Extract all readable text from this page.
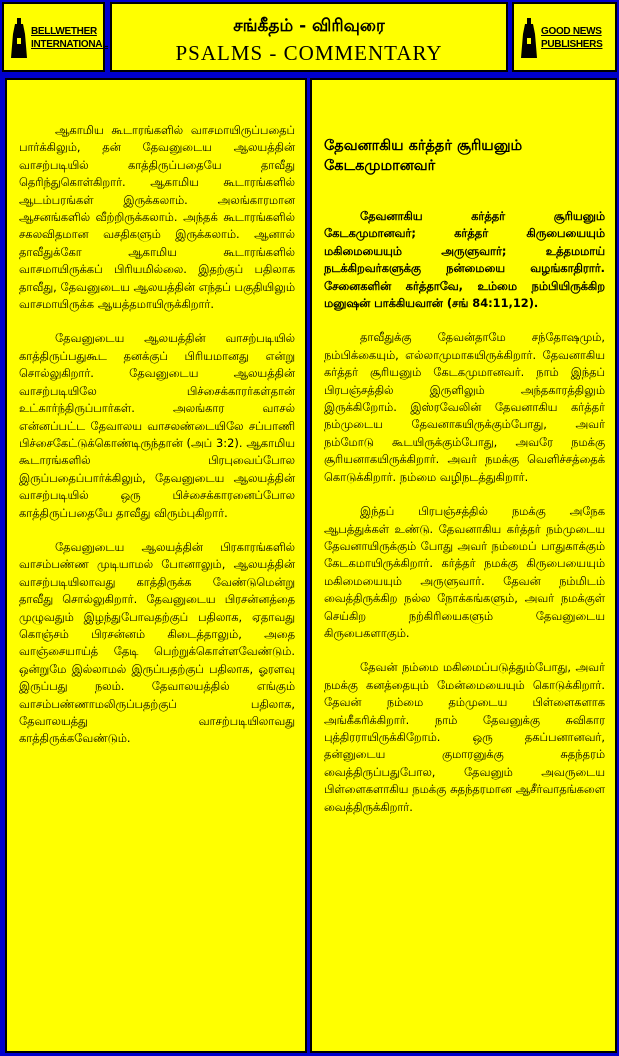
BELLWETHER
INTERNATIONAL
சங்கீதம் - விரிவுரை
PSALMS - COMMENTARY
GOOD NEWS
PUBLISHERS

ஆகாமிய கூடாரங்களில் வாசமாயிருப்பதைப் பார்க்கிலும், தன் தேவனுடைய ஆலயத்தின் வாசற்படியில் காத்திருப்பதையே தாவீது தெரிந்துகொள்கிறார். ஆகாமிய கூடாரங்களில் ஆடம்பரங்கள் இருக்கலாம். அலங்காரமான ஆசனங்களில் வீற்றிருக்கலாம். அந்தக் கூடாரங்களில் சகலவிதமான வசதிகளும் இருக்கலாம். ஆனால் தாவீதுக்கோ ஆகாமிய கூடாரங்களில் வாசமாயிருக்கப் பிரியமில்லை. இதற்குப் பதிலாக தாவீது, தேவனுடைய ஆலயத்தின் எந்தப் பகுதியிலும் வாசமாயிருக்க ஆயத்தமாயிருக்கிறார்.

தேவனுடைய ஆலயத்தின் வாசற்படியில் காத்திருப்பதுகூட தனக்குப் பிரியமானது என்று சொல்லுகிறார். தேவனுடைய ஆலயத்தின் வாசற்படியிலே பிச்சைக்காரர்கள்தான் உட்கார்ந்திருப்பார்கள். அலங்கார வாசல் என்னப்பட்ட தேவாலய வாசலண்டையிலே சப்பாணி பிச்சைகேட்டுக்கொண்டிருந்தான் (அப் 3:2). ஆகாமிய கூடாரங்களில் பிரபுவைப்போல இருப்பதைப்பார்க்கிலும், தேவனுடைய ஆலயத்தின் வாசற்படியில் ஒரு பிச்சைக்காரனைப்போல காத்திருப்பதையே தாவீது விரும்புகிறார்.

தேவனுடைய ஆலயத்தின் பிரகாரங்களில் வாசம்பண்ண முடியாமல் போனாலும், ஆலயத்தின் வாசற்படியிலாவது காத்திருக்க வேண்டுமென்று தாவீது சொல்லுகிறார். தேவனுடைய பிரசன்னத்தை முழுவதும் இழந்துபோவதற்குப் பதிலாக, ஏதாவது கொஞ்சம் பிரசன்னம் கிடைத்தாலும், அதை வாஞ்சையாய்த் தேடி பெற்றுக்கொள்ளவேண்டும். ஒன்றுமே இல்லாமல் இருப்பதற்குப் பதிலாக, ஓரளவு இருப்பது நலம். தேவாலயத்தில் எங்கும் வாசம்பண்ணாமலிருப்பதற்குப் பதிலாக, தேவாலயத்து வாசற்படியிலாவது காத்திருக்கவேண்டும்.

தேவனாகிய கர்த்தர் சூரியனும் கேடகமுமானவர்

தேவனாகிய கர்த்தர் சூரியனும் கேடகமுமானவர்; கர்த்தர் கிருபையையும் மகிமையையும் அருளுவார்; உத்தமமாய் நடக்கிறவர்களுக்கு நன்மையை வழங்காதிரார். சேனைகளின் கர்த்தாவே, உம்மை நம்பியிருக்கிற மனுஷன் பாக்கியவான் (சங் 84:11,12).

தாவீதுக்கு தேவன்தாமே சந்தோஷமும், நம்பிக்கையும், எல்லாமுமாகயிருக்கிறார். தேவனாகிய கர்த்தர் சூரியனும் கேடகமுமானவர். நாம் இந்தப் பிரபஞ்சத்தில் இருளிலும் அந்தகாரத்திலும் இருக்கிறோம். இஸ்ரவேலின் தேவனாகிய கர்த்தர் நம்முடைய தேவனாகயிருக்கும்போது, அவர் நம்மோடு கூடயிருக்கும்போது, அவரே நமக்கு சூரியனாகயிருக்கிறார். அவர் நமக்கு வெளிச்சத்தைக் கொடுக்கிறார். நம்மை வழிநடத்துகிறார்.

இந்தப் பிரபஞ்சத்தில் நமக்கு அநேக ஆபத்துக்கள் உண்டு. தேவனாகிய கர்த்தர் நம்முடைய தேவனாயிருக்கும் போது அவர் நம்மைப் பாதுகாக்கும் கேடகமாயிருக்கிறார். கர்த்தர் நமக்கு கிருபையையும் மகிமையையும் அருளுவார். தேவன் நம்மிடம் வைத்திருக்கிற நல்ல நோக்கங்களும், அவர் நமக்குள் செய்கிற நற்கிரியைகளும் தேவனுடைய கிருபைகளாகும்.

தேவன் நம்மை மகிமைப்படுத்தும்போது, அவர் நமக்கு கனத்தையும் மேன்மையையும் கொடுக்கிறார். தேவன் நம்மை தம்முடைய பிள்ளைகளாக அங்கீகரிக்கிறார். நாம் தேவனுக்கு சுவிகார புத்திரராயிருக்கிறோம். ஒரு தகப்பனானவர், தன்னுடைய குமாரனுக்கு சுதந்தரம் வைத்திருப்பதுபோல, தேவனும் அவருடைய பிள்ளைகளாகிய நமக்கு சுதந்தரமான ஆசீர்வாதங்களை வைத்திருக்கிறார்.
